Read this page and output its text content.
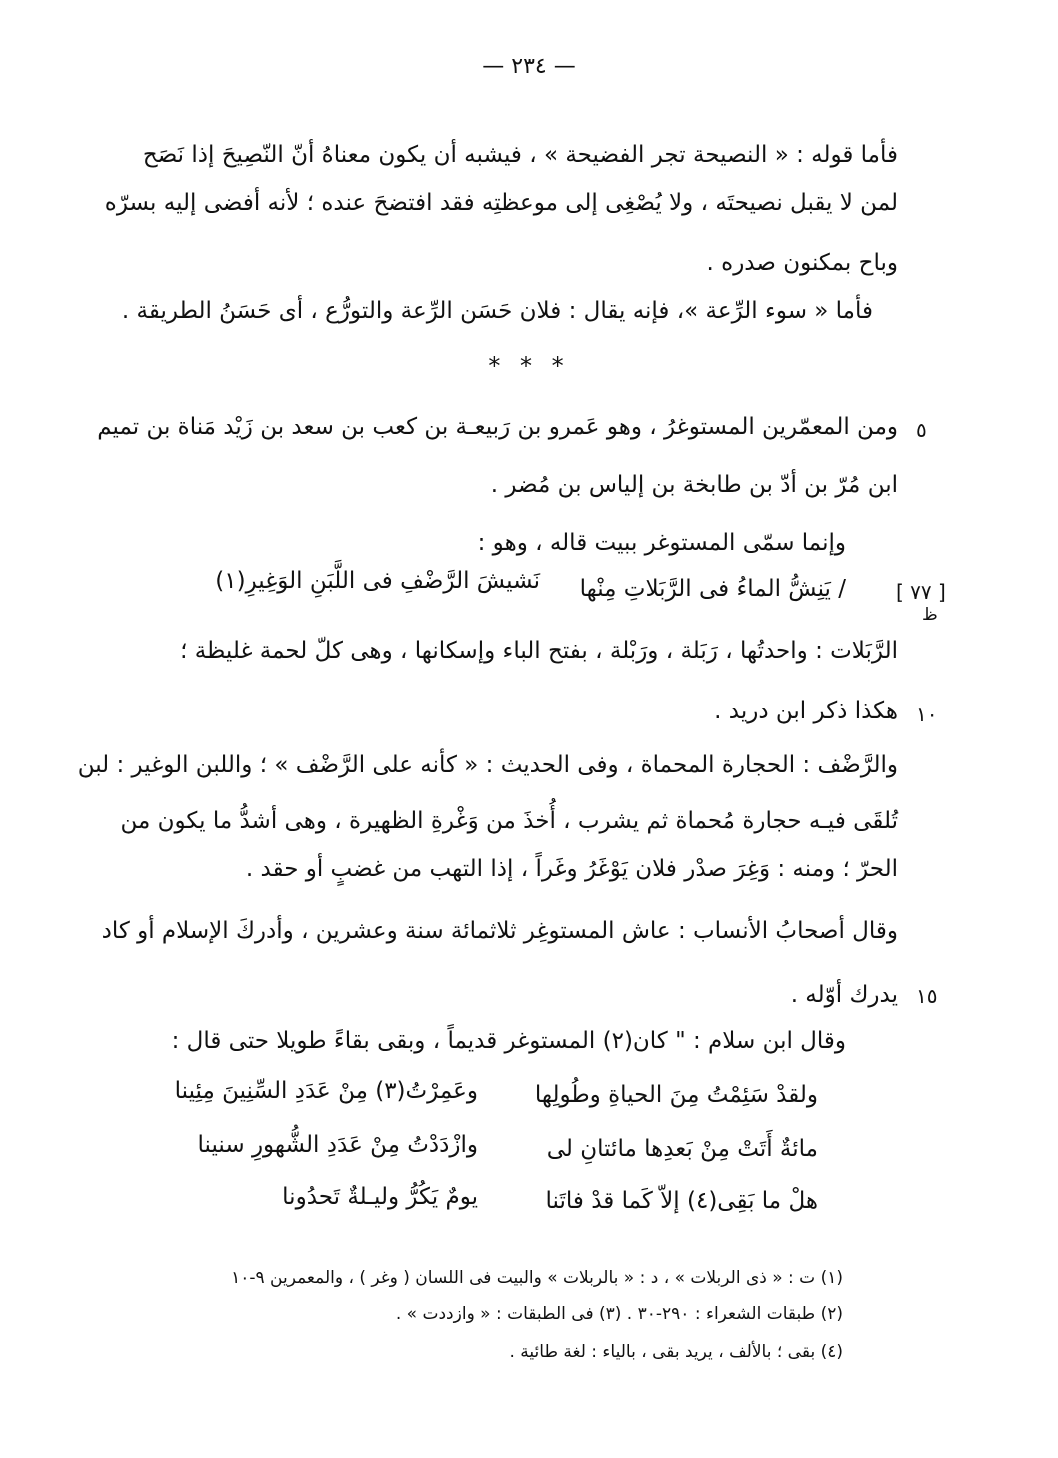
— ٢٣٤ —
فأما قوله : « النصيحة تجر الفضيحة » ، فيشبه أن يكون معناهُ أنّ النّصِيحَ إذا نَصَح
لمن لا يقبل نصيحتَه ، ولا يُصْغِى إلى موعظتِه فقد افتضحَ عنده ؛ لأنه أفضى إليه بسرّه
وباح بمكنون صدره .
فأما « سوء الرِّعة »، فإنه يقال : فلان حَسَن الرِّعة والتورُّع ، أى حَسَنُ الطريقة .
* * *
٥
ومن المعمّرين المستوغرُ ، وهو عَمرو بن رَبيعـة بن كعب بن سعد بن زَيْد مَناة بن تميم
ابن مُرّ بن أدّ بن طابخة بن إلياس بن مُضر .
وإنما سمّى المستوغر ببيت قاله ، وهو :
[ ٧٧ ]
ظ
/ يَنِشُّ الماءُ فى الرَّبَلاتِ مِنْها
نَشيشَ الرَّضْفِ فى اللَّبَنِ الوَغِيرِ(١)
الرَّبَلات : واحدتُها ، رَبَلة ، ورَبْلة ، بفتح الباء وإسكانها ، وهى كلّ لحمة غليظة ؛
١٠
هكذا ذكر ابن دريد .
والرَّضْف : الحجارة المحماة ، وفى الحديث : « كأنه على الرَّضْف » ؛ واللبن الوغير : لبن
تُلقَى فيـه حجارة مُحماة ثم يشرب ، أُخذَ من وَغْرةِ الظهيرة ، وهى أشدُّ ما يكون من
الحرّ ؛ ومنه : وَغِرَ صدْر فلان يَوْغَرُ وغَراً ، إذا التهب من غضبٍ أو حقد .
وقال أصحابُ الأنساب : عاش المستوغِر ثلاثمائة سنة وعشرين ، وأدركَ الإسلام أو كاد
١٥
يدرك أوّله .
وقال ابن سلام : " كان(٢) المستوغر قديماً ، وبقى بقاءً طويلا حتى قال :
ولقدْ سَئِمْتُ مِنَ الحياةِ وطُولِها
وعَمِرْتُ(٣) مِنْ عَدَدِ السِّنِينَ مِئِينا
مائةٌ أَتَتْ مِنْ بَعدِها مائتانِ لى
وازْدَدْتُ مِنْ عَدَدِ الشُّهورِ سنينا
هلْ ما بَقِى(٤) إلاّ كَما قدْ فاتَنا
يومٌ يَكُرُّ وليـلةٌ تَحدُونا
(١) ت : « ذى الربلات » ، د : « بالربلات » والبيت فى اللسان ( وغر ) ، والمعمرين ٩-١٠
(٢) طبقات الشعراء : ٢٩٠-٣٠ . (٣) فى الطبقات : « وازددت » .
(٤) بقى ؛ بالألف ، يريد بقى ، بالياء : لغة طائية .
